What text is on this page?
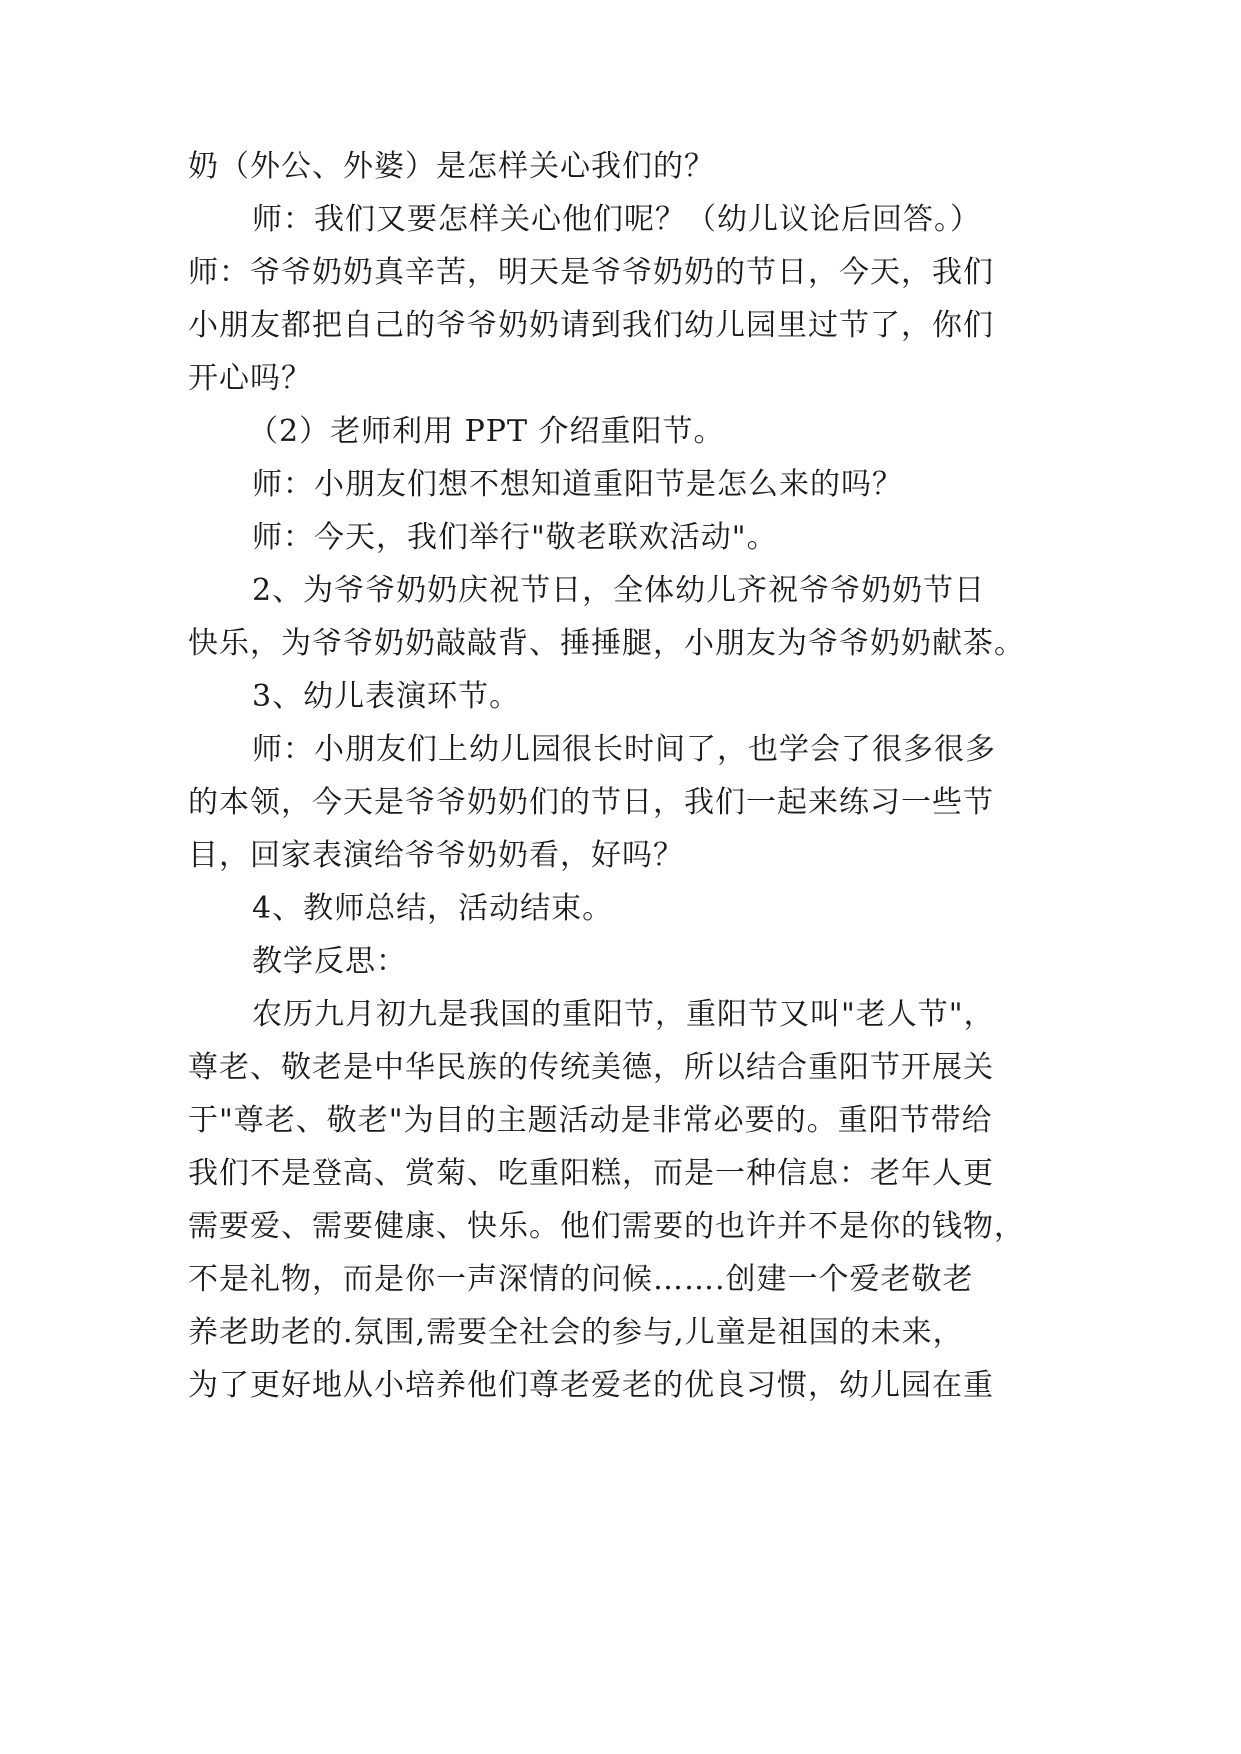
奶（外公、外婆）是怎样关心我们的？

师：我们又要怎样关心他们呢？（幼儿议论后回答。）

师：爷爷奶奶真辛苦，明天是爷爷奶奶的节日，今天，我们

小朋友都把自己的爷爷奶奶请到我们幼儿园里过节了，你们

开心吗？

（2）老师利用 PPT 介绍重阳节。

师：小朋友们想不想知道重阳节是怎么来的吗？

师：今天，我们举行"敬老联欢活动"。

2、为爷爷奶奶庆祝节日，全体幼儿齐祝爷爷奶奶节日

快乐，为爷爷奶奶敲敲背、捶捶腿，小朋友为爷爷奶奶献茶。

3、幼儿表演环节。

师：小朋友们上幼儿园很长时间了，也学会了很多很多

的本领，今天是爷爷奶奶们的节日，我们一起来练习一些节

目，回家表演给爷爷奶奶看，好吗？

4、教师总结，活动结束。

教学反思：

农历九月初九是我国的重阳节，重阳节又叫"老人节"，

尊老、敬老是中华民族的传统美德，所以结合重阳节开展关

于"尊老、敬老"为目的主题活动是非常必要的。重阳节带给

我们不是登高、赏菊、吃重阳糕，而是一种信息：老年人更

需要爱、需要健康、快乐。他们需要的也许并不是你的钱物，

不是礼物，而是你一声深情的问候…….创建一个爱老敬老

养老助老的.氛围,需要全社会的参与,儿童是祖国的未来，

为了更好地从小培养他们尊老爱老的优良习惯，幼儿园在重
